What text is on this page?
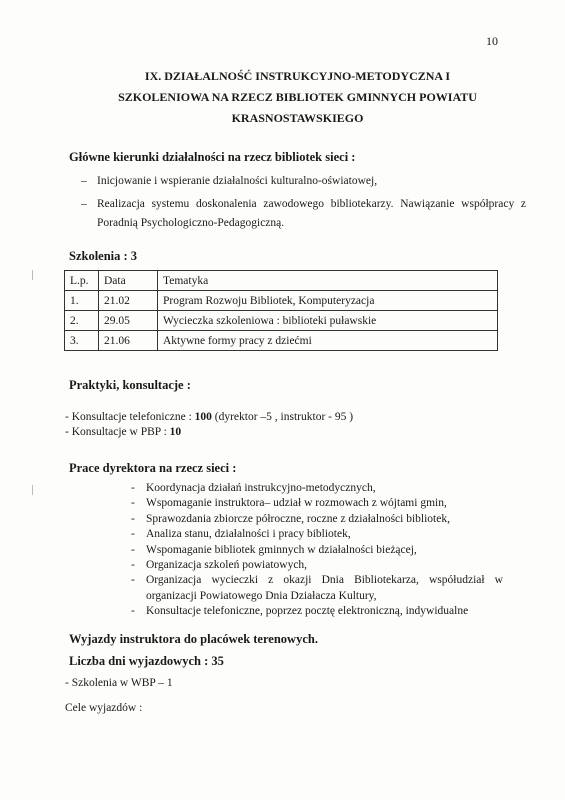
10
IX. DZIAŁALNOŚĆ INSTRUKCYJNO-METODYCZNA I
SZKOLENIOWA NA RZECZ BIBLIOTEK GMINNYCH POWIATU
KRASNOSTAWSKIEGO
Główne kierunki działalności na rzecz bibliotek sieci :
– Inicjowanie i wspieranie działalności kulturalno-oświatowej,
– Realizacja systemu doskonalenia zawodowego bibliotekarzy. Nawiązanie współpracy z Poradnią Psychologiczno-Pedagogiczną.
Szkolenia : 3
L.p.	Data	Tematyka
1.	21.02	Program Rozwoju Bibliotek, Komputeryzacja
2.	29.05	Wycieczka szkoleniowa : biblioteki puławskie
3.	21.06	Aktywne formy pracy z dziećmi
Praktyki, konsultacje :
- Konsultacje telefoniczne : 100 (dyrektor –5 , instruktor - 95 )
- Konsultacje w PBP : 10
Prace dyrektora na rzecz sieci :
- Koordynacja działań instrukcyjno-metodycznych,
- Wspomaganie instruktora– udział w rozmowach z wójtami gmin,
- Sprawozdania zbiorcze półroczne, roczne z działalności bibliotek,
- Analiza stanu, działalności i pracy bibliotek,
- Wspomaganie bibliotek gminnych w działalności bieżącej,
- Organizacja szkoleń powiatowych,
- Organizacja wycieczki z okazji Dnia Bibliotekarza, współudział w organizacji Powiatowego Dnia Działacza Kultury,
- Konsultacje telefoniczne, poprzez pocztę elektroniczną, indywidualne
Wyjazdy instruktora do placówek terenowych.
Liczba dni wyjazdowych : 35
- Szkolenia w WBP – 1
Cele wyjazdów :
